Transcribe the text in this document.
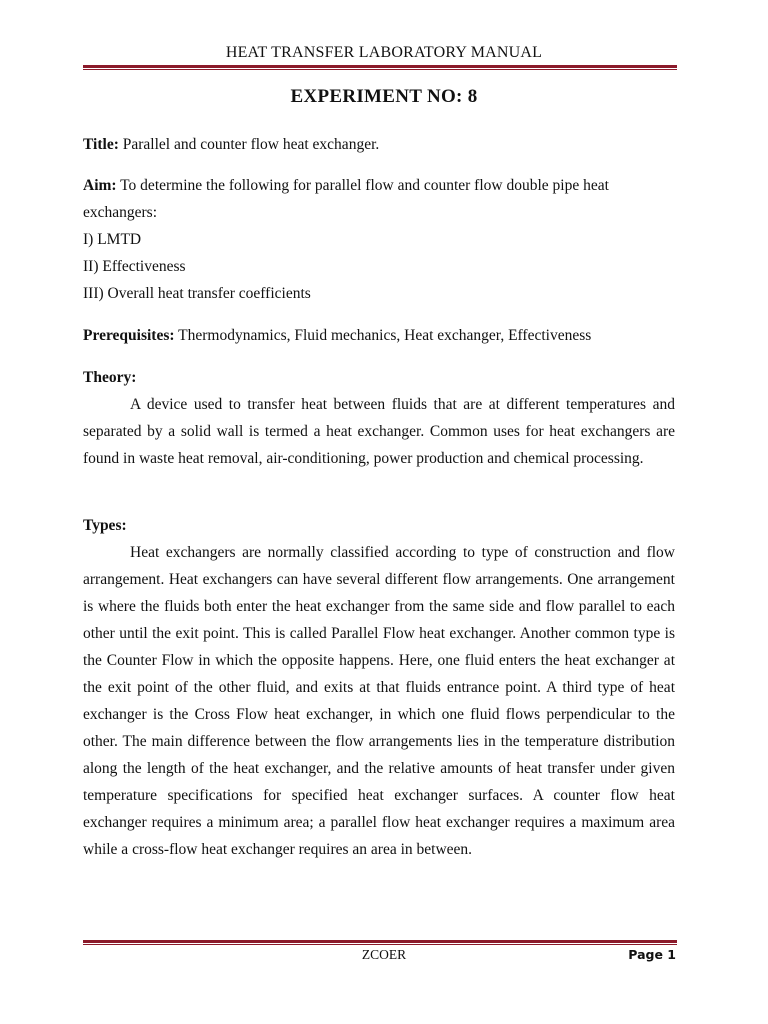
HEAT TRANSFER LABORATORY MANUAL
EXPERIMENT NO: 8
Title: Parallel and counter flow heat exchanger.
Aim: To determine the following for parallel flow and counter flow double pipe heat
exchangers:
I) LMTD
II) Effectiveness
III) Overall heat transfer coefficients
Prerequisites: Thermodynamics, Fluid mechanics, Heat exchanger, Effectiveness
Theory:
A device used to transfer heat between fluids that are at different temperatures and separated by a solid wall is termed a heat exchanger. Common uses for heat exchangers are found in waste heat removal, air-conditioning, power production and chemical processing.
Types:
Heat exchangers are normally classified according to type of construction and flow arrangement. Heat exchangers can have several different flow arrangements. One arrangement is where the fluids both enter the heat exchanger from the same side and flow parallel to each other until the exit point. This is called Parallel Flow heat exchanger. Another common type is the Counter Flow in which the opposite happens. Here, one fluid enters the heat exchanger at the exit point of the other fluid, and exits at that fluids entrance point. A third type of heat exchanger is the Cross Flow heat exchanger, in which one fluid flows perpendicular to the other. The main difference between the flow arrangements lies in the temperature distribution along the length of the heat exchanger, and the relative amounts of heat transfer under given temperature specifications for specified heat exchanger surfaces. A counter flow heat exchanger requires a minimum area; a parallel flow heat exchanger requires a maximum area while a cross-flow heat exchanger requires an area in between.
ZCOER	Page 1
